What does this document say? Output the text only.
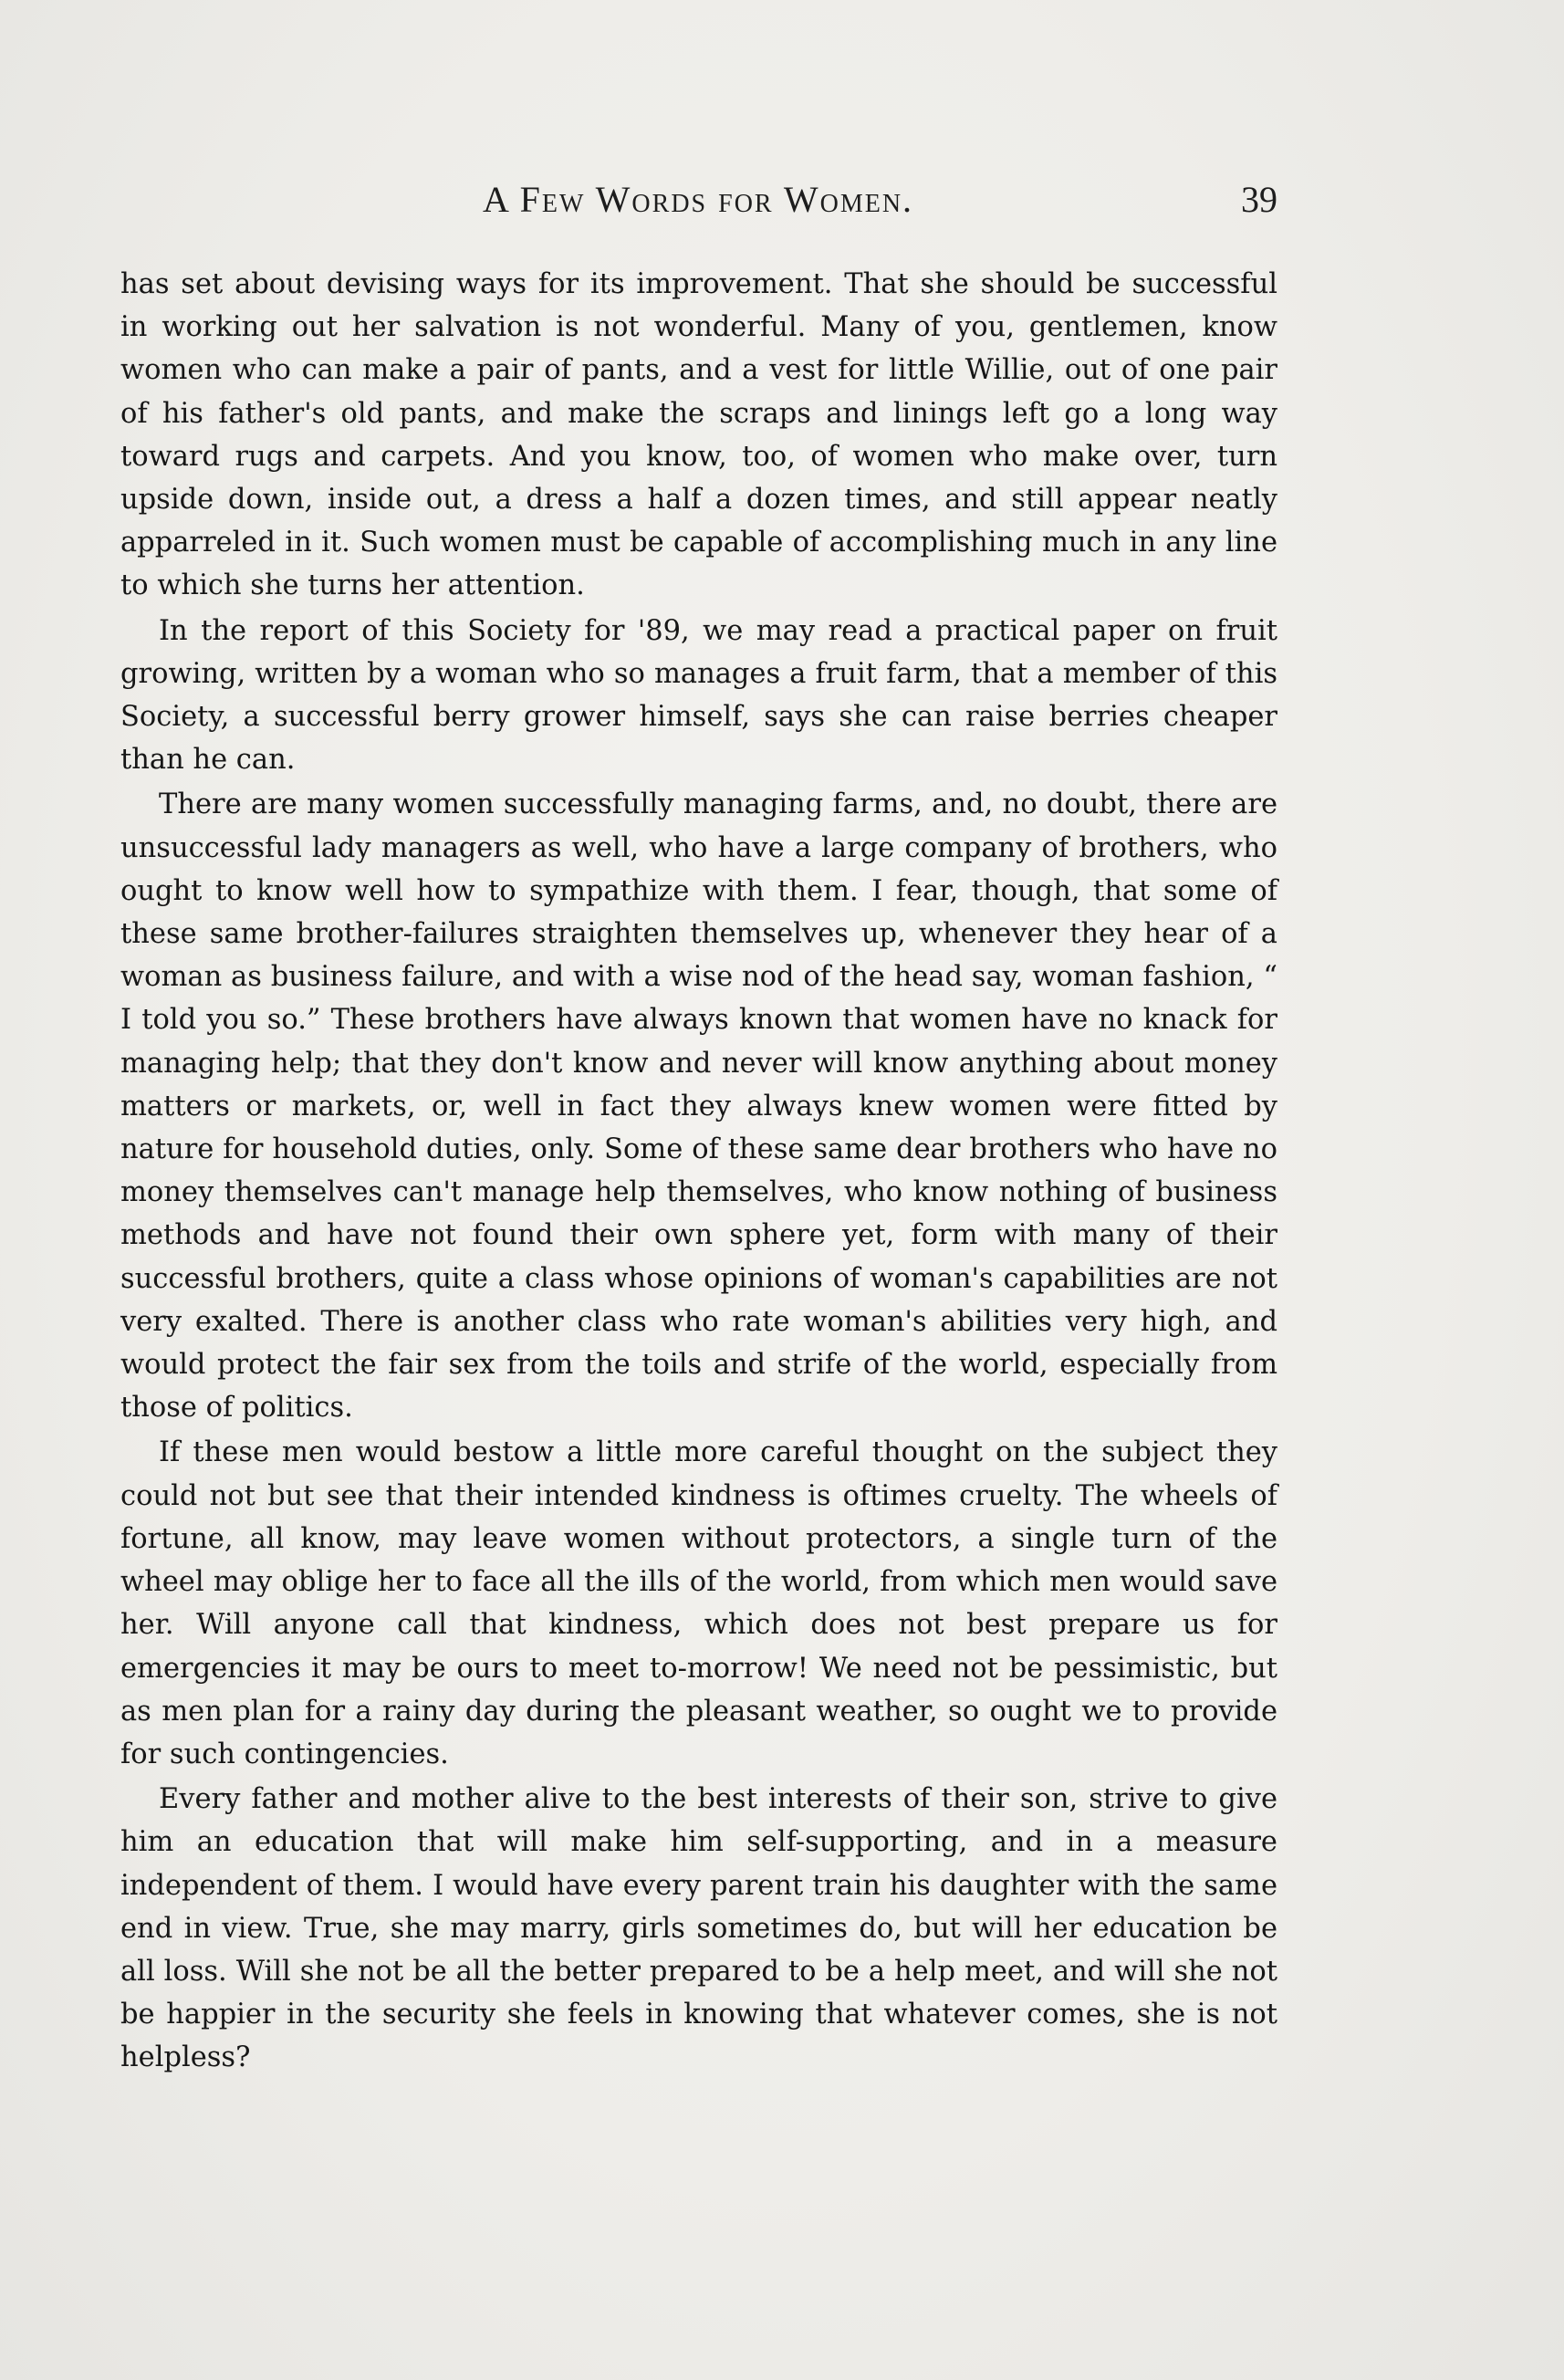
A Few Words for Women.	39

has set about devising ways for its improvement. That she should be successful in working out her salvation is not wonderful. Many of you, gentlemen, know women who can make a pair of pants, and a vest for little Willie, out of one pair of his father's old pants, and make the scraps and linings left go a long way toward rugs and carpets. And you know, too, of women who make over, turn upside down, inside out, a dress a half a dozen times, and still appear neatly apparreled in it. Such women must be capable of accomplishing much in any line to which she turns her attention.

In the report of this Society for '89, we may read a practical paper on fruit growing, written by a woman who so manages a fruit farm, that a member of this Society, a successful berry grower himself, says she can raise berries cheaper than he can.

There are many women successfully managing farms, and, no doubt, there are unsuccessful lady managers as well, who have a large company of brothers, who ought to know well how to sympathize with them. I fear, though, that some of these same brother-failures straighten themselves up, whenever they hear of a woman as business failure, and with a wise nod of the head say, woman fashion, “ I told you so.” These brothers have always known that women have no knack for managing help; that they don't know and never will know anything about money matters or markets, or, well in fact they always knew women were fitted by nature for household duties, only. Some of these same dear brothers who have no money themselves can't manage help themselves, who know nothing of business methods and have not found their own sphere yet, form with many of their successful brothers, quite a class whose opinions of woman's capabilities are not very exalted. There is another class who rate woman's abilities very high, and would protect the fair sex from the toils and strife of the world, especially from those of politics.

If these men would bestow a little more careful thought on the subject they could not but see that their intended kindness is oftimes cruelty. The wheels of fortune, all know, may leave women without protectors, a single turn of the wheel may oblige her to face all the ills of the world, from which men would save her. Will anyone call that kindness, which does not best prepare us for emergencies it may be ours to meet to-morrow! We need not be pessimistic, but as men plan for a rainy day during the pleasant weather, so ought we to provide for such contingencies.

Every father and mother alive to the best interests of their son, strive to give him an education that will make him self-supporting, and in a measure independent of them. I would have every parent train his daughter with the same end in view. True, she may marry, girls sometimes do, but will her education be all loss. Will she not be all the better prepared to be a help meet, and will she not be happier in the security she feels in knowing that whatever comes, she is not helpless?
